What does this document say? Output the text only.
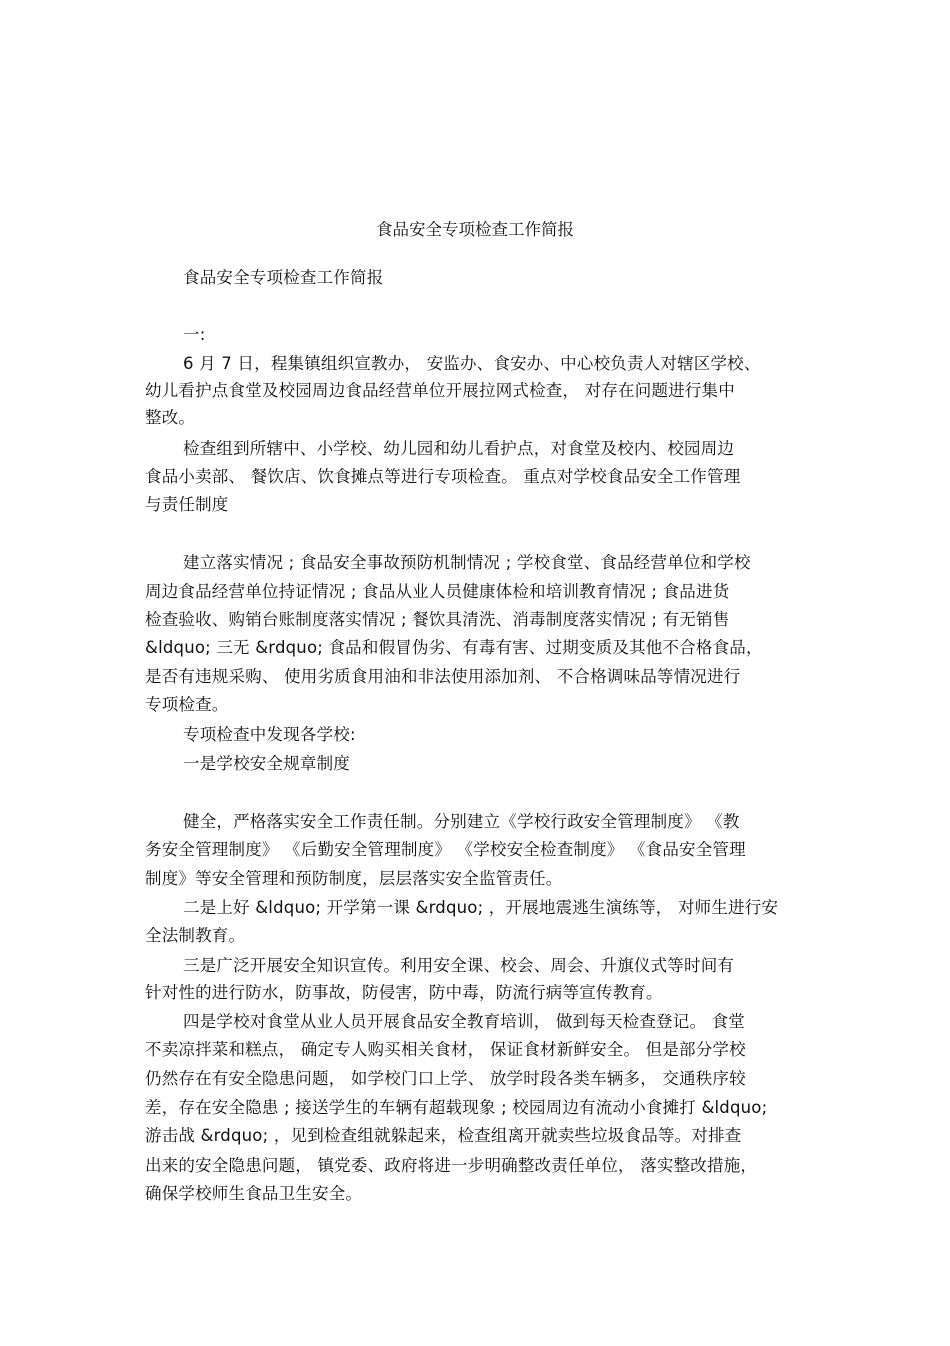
食品安全专项检查工作简报
食品安全专项检查工作简报
一:
6 月 7 日，程集镇组织宣教办， 安监办、食安办、中心校负责人对辖区学校、
幼儿看护点食堂及校园周边食品经营单位开展拉网式检查， 对存在问题进行集中
整改。
检查组到所辖中、小学校、幼儿园和幼儿看护点，对食堂及校内、校园周边
食品小卖部、 餐饮店、饮食摊点等进行专项检查。 重点对学校食品安全工作管理
与责任制度
建立落实情况 ; 食品安全事故预防机制情况 ; 学校食堂、食品经营单位和学校
周边食品经营单位持证情况 ; 食品从业人员健康体检和培训教育情况 ; 食品进货
检查验收、购销台账制度落实情况 ; 餐饮具清洗、消毒制度落实情况 ; 有无销售
&ldquo; 三无 &rdquo; 食品和假冒伪劣、有毒有害、过期变质及其他不合格食品，
是否有违规采购、 使用劣质食用油和非法使用添加剂、 不合格调味品等情况进行
专项检查。
专项检查中发现各学校:
一是学校安全规章制度
健全，严格落实安全工作责任制。分别建立《学校行政安全管理制度》 《教
务安全管理制度》 《后勤安全管理制度》 《学校安全检查制度》 《食品安全管理
制度》等安全管理和预防制度，层层落实安全监管责任。
二是上好 &ldquo; 开学第一课 &rdquo; ，开展地震逃生演练等， 对师生进行安
全法制教育。
三是广泛开展安全知识宣传。利用安全课、校会、周会、升旗仪式等时间有
针对性的进行防水，防事故，防侵害，防中毒，防流行病等宣传教育。
四是学校对食堂从业人员开展食品安全教育培训， 做到每天检查登记。 食堂
不卖凉拌菜和糕点， 确定专人购买相关食材， 保证食材新鲜安全。 但是部分学校
仍然存在有安全隐患问题， 如学校门口上学、 放学时段各类车辆多， 交通秩序较
差，存在安全隐患 ; 接送学生的车辆有超载现象 ; 校园周边有流动小食摊打 &ldquo;
游击战 &rdquo; ，见到检查组就躲起来，检查组离开就卖些垃圾食品等。对排查
出来的安全隐患问题， 镇党委、政府将进一步明确整改责任单位， 落实整改措施，
确保学校师生食品卫生安全。
